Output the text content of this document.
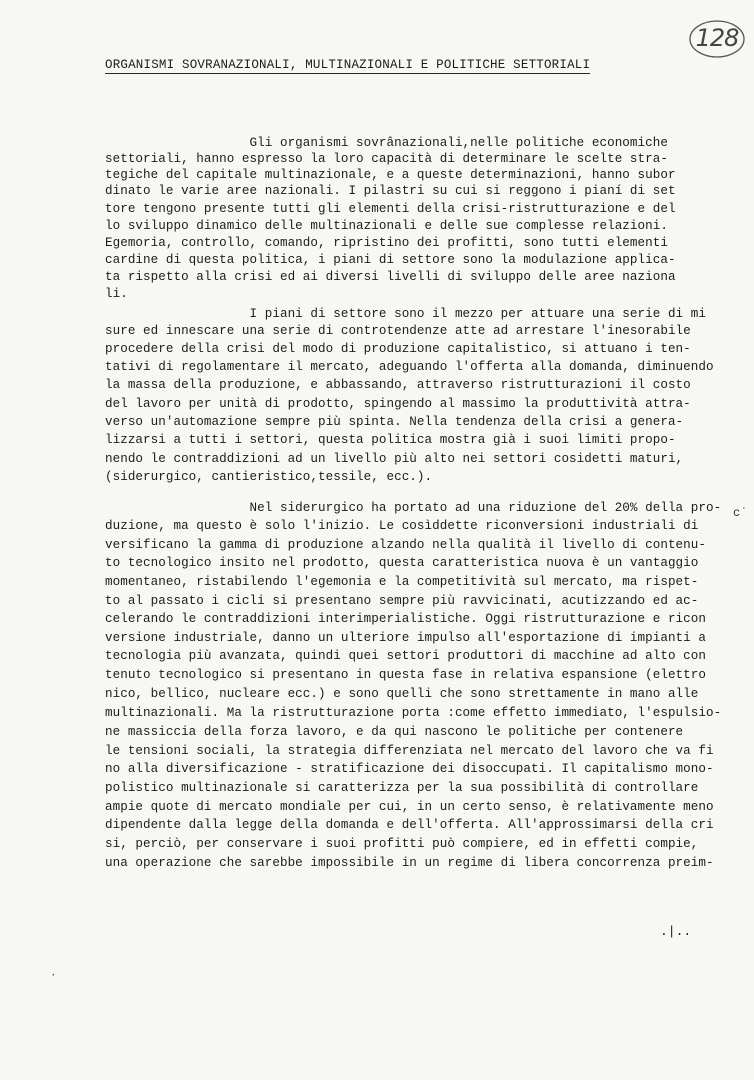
ORGANISMI SOVRANAZIONALI, MULTINAZIONALI E POLITICHE SETTORIALI
128
Gli organismi sovrânazionali,nelle politiche economiche
settoriali, hanno espresso la loro capacità di determinare le scelte stra-
tegiche del capitale multinazionale, e a queste determinazioni, hanno subor
dinato le varie aree nazionali. I pilastri su cui si reggono i pianí di set
tore tengono presente tutti gli elementi della crisi-ristrutturazione e del
lo sviluppo dinamico delle multinazionali e delle sue complesse relazioni.
Egemoria, controllo, comando, ripristino dei profitti, sono tutti elementi
cardine di questa politica, i piani di settore sono la modulazione applica-
ta rispetto alla crisi ed ai diversi livelli di sviluppo delle aree naziona
li.
I piani di settore sono il mezzo per attuare una serie di mi
sure ed innescare una serie di controtendenze atte ad arrestare l'inesorabile
procedere della crisi del modo di produzione capitalistico, si attuano i ten-
tativi di regolamentare il mercato, adeguando l'offerta alla domanda, diminuendo
la massa della produzione, e abbassando, attraverso ristrutturazioni il costo
del lavoro per unità di prodotto, spingendo al massimo la produttività attra-
verso un'automazione sempre più spinta. Nella tendenza della crisi a genera-
lizzarsi a tutti i settori, questa politica mostra già i suoi limiti propo-
nendo le contraddizioni ad un livello più alto nei settori cosidetti maturi,
(siderurgico, cantieristico,tessile, ecc.).
Nel siderurgico ha portato ad una riduzione del 20% della pro-
duzione, ma questo è solo l'inizio. Le cosìddette riconversioni industriali di
versificano la gamma di produzione alzando nella qualità il livello di contenu-
to tecnologico insito nel prodotto, questa caratteristica nuova è un vantaggio
momentaneo, ristabilendo l'egemonia e la competitività sul mercato, ma rispet-
to al passato i cicli si presentano sempre più ravvicinati, acutizzando ed ac-
celerando le contraddizioni interimperialistiche. Oggi ristrutturazione e ricon
versione industriale, danno un ulteriore impulso all'esportazione di impianti a
tecnologia più avanzata, quindi quei settori produttori di macchine ad alto con
tenuto tecnologico si presentano in questa fase in relativa espansione (elettro
nico, bellico, nucleare ecc.) e sono quelli che sono strettamente in mano alle
multinazionali. Ma la ristrutturazione porta :come effetto immediato, l'espulsio-
ne massiccia della forza lavoro, e da qui nascono le politiche per contenere
le tensioni sociali, la strategia differenziata nel mercato del lavoro che va fi
no alla diversificazione - stratificazione dei disoccupati. Il capitalismo mono-
polistico multinazionale si caratterizza per la sua possibilità di controllare
ampie quote di mercato mondiale per cui, in un certo senso, è relativamente meno
dipendente dalla legge della domanda e dell'offerta. All'approssimarsi della cri
si, perciò, per conservare i suoi profitti può compiere, ed in effetti compie,
una operazione che sarebbe impossibile in un regime di libera concorrenza preim-
.|..
c˙
·
